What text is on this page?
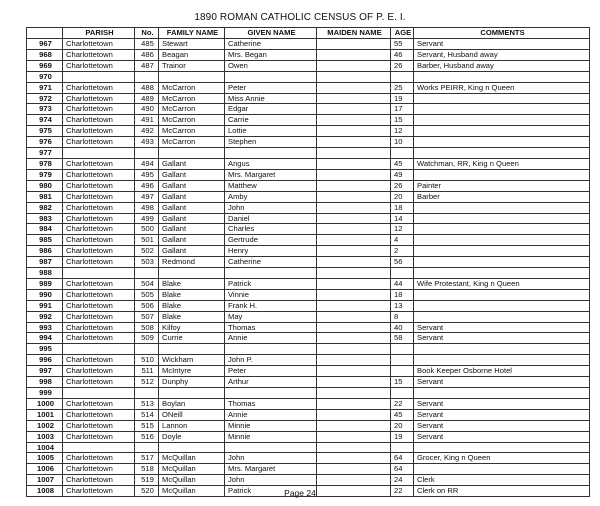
1890 ROMAN CATHOLIC CENSUS OF P. E. I.
	PARISH	No.	FAMILY NAME	GIVEN NAME	MAIDEN NAME	AGE	COMMENTS
967	Charlottetown	485	Stewart	Catherine		55	Servant
968	Charlottetown	486	Beagan	Mrs. Began		46	Servant, Husband away
969	Charlottetown	487	Trainor	Owen		26	Barber, Husband away
970							
971	Charlottetown	488	McCarron	Peter		25	Works PEIRR, King n Queen
972	Charlottetown	489	McCarron	Miss Annie		19	
973	Charlottetown	490	McCarron	Edgar		17	
974	Charlottetown	491	McCarron	Carrie		15	
975	Charlottetown	492	McCarron	Lottie		12	
976	Charlottetown	493	McCarron	Stephen		10	
977							
978	Charlottetown	494	Gallant	Angus		45	Watchman, RR, King n Queen
979	Charlottetown	495	Gallant	Mrs. Margaret		49	
980	Charlottetown	496	Gallant	Matthew		26	Painter
981	Charlottetown	497	Gallant	Amby		20	Barber
982	Charlottetown	498	Gallant	John		18	
983	Charlottetown	499	Gallant	Daniel		14	
984	Charlottetown	500	Gallant	Charles		12	
985	Charlottetown	501	Gallant	Gertrude		4	
986	Charlottetown	502	Gallant	Henry		2	
987	Charlottetown	503	Redmond	Catherine		56	
988							
989	Charlottetown	504	Blake	Patrick		44	Wife Protestant, King n Queen
990	Charlottetown	505	Blake	Vinnie		18	
991	Charlottetown	506	Blake	Frank H.		13	
992	Charlottetown	507	Blake	May		8	
993	Charlottetown	508	Kilfoy	Thomas		40	Servant
994	Charlottetown	509	Currie	Annie		58	Servant
995							
996	Charlottetown	510	Wickham	John P.			
997	Charlottetown	511	McIntyre	Peter			Book Keeper Osborne Hotel
998	Charlottetown	512	Dunphy	Arthur		15	Servant
999							
1000	Charlottetown	513	Boylan	Thomas		22	Servant
1001	Charlottetown	514	ONeill	Annie		45	Servant
1002	Charlottetown	515	Lannon	Minnie		20	Servant
1003	Charlottetown	516	Doyle	Minnie		19	Servant
1004							
1005	Charlottetown	517	McQuillan	John		64	Grocer, King n Queen
1006	Charlottetown	518	McQuillan	Mrs. Margaret		64	
1007	Charlottetown	519	McQuillan	John		24	Clerk
1008	Charlottetown	520	McQuillan	Patrick		22	Clerk on RR
Page 24
